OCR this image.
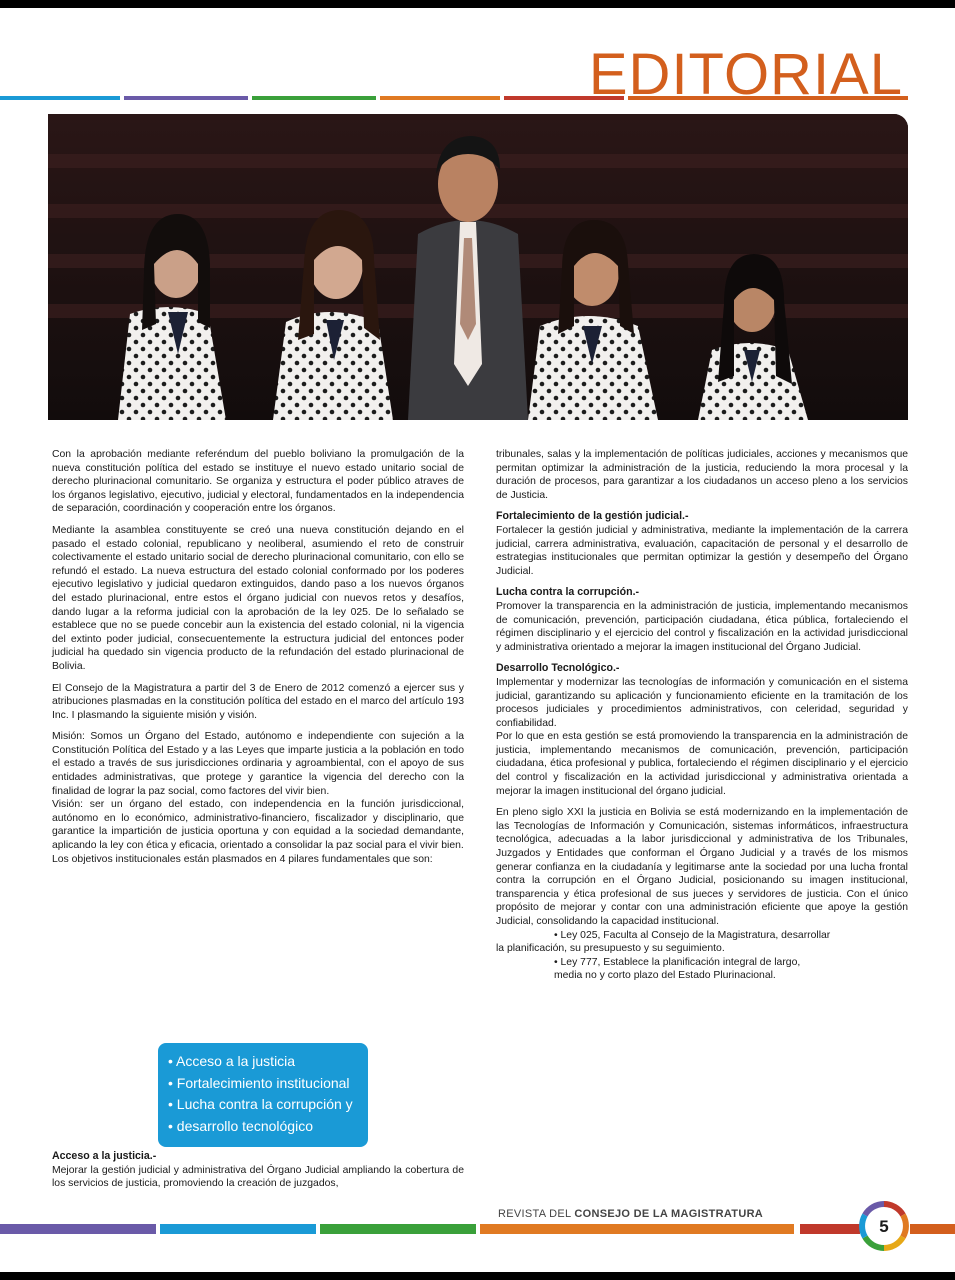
EDITORIAL

Con la aprobación mediante referéndum del pueblo boliviano la promulgación de la nueva constitución política del estado se instituye el nuevo estado unitario social de derecho plurinacional comunitario. Se organiza y estructura el poder público atraves de los órganos legislativo, ejecutivo, judicial y electoral, fundamentados en la independencia de separación, coordinación y cooperación entre los órganos.

Mediante la asamblea constituyente se creó una nueva constitución dejando en el pasado el estado colonial, republicano y neoliberal, asumiendo el reto de construir colectivamente el estado unitario social de derecho plurinacional comunitario, con ello se refundó el estado. La nueva estructura del estado colonial conformado por los poderes ejecutivo legislativo y judicial quedaron extinguidos, dando paso a los nuevos órganos del estado plurinacional, entre estos el órgano judicial con nuevos retos y desafíos, dando lugar a la reforma judicial con la aprobación de la ley 025. De lo señalado se establece que no se puede concebir aun la existencia del estado colonial, ni la vigencia del extinto poder judicial, consecuentemente la estructura judicial del entonces poder judicial ha quedado sin vigencia producto de la refundación del estado plurinacional de Bolivia.

El Consejo de la Magistratura a partir del 3 de Enero de 2012 comenzó a ejercer sus y atribuciones plasmadas en la constitución política del estado en el marco del artículo 193 Inc. I plasmando la siguiente misión y visión.

Misión: Somos un Órgano del Estado, autónomo e independiente con sujeción a la Constitución Política del Estado y a las Leyes que imparte justicia a la población en todo el estado a través de sus jurisdicciones ordinaria y agroambiental, con el apoyo de sus entidades administrativas, que protege y garantice la vigencia del derecho con la finalidad de lograr la paz social, como factores del vivir bien.

Visión: ser un órgano del estado, con independencia en la función jurisdiccional, autónomo en lo económico, administrativo-financiero, fiscalizador y disciplinario, que garantice la impartición de justicia oportuna y con equidad a la sociedad demandante, aplicando la ley con ética y eficacia, orientado a consolidar la paz social para el vivir bien.

Los objetivos institucionales están plasmados en 4 pilares fundamentales que son:

• Acceso a la justicia
• Fortalecimiento institucional
• Lucha contra la corrupción y
• desarrollo tecnológico
Acceso a la justicia.-

Mejorar la gestión judicial y administrativa del Órgano Judicial ampliando la cobertura de los servicios de justicia, promoviendo la creación de juzgados,

tribunales, salas y la implementación de políticas judiciales, acciones y mecanismos que permitan optimizar la administración de la justicia, reduciendo la mora procesal y la duración de procesos, para garantizar a los ciudadanos un acceso pleno a los servicios de Justicia.

Fortalecimiento de la gestión judicial.-

Fortalecer la gestión judicial y administrativa, mediante la implementación de la carrera judicial, carrera administrativa, evaluación, capacitación de personal y el desarrollo de estrategias institucionales que permitan optimizar la gestión y desempeño del Órgano Judicial.

Lucha contra la corrupción.-

Promover la transparencia en la administración de justicia, implementando mecanismos de comunicación, prevención, participación ciudadana, ética pública, fortaleciendo el régimen disciplinario y el ejercicio del control y fiscalización en la actividad jurisdiccional y administrativa orientado a mejorar la imagen institucional del Órgano Judicial.

Desarrollo Tecnológico.-

Implementar y modernizar las tecnologías de información y comunicación en el sistema judicial, garantizando su aplicación y funcionamiento eficiente en la tramitación de los procesos judiciales y procedimientos administrativos, con celeridad, seguridad y confiabilidad.

Por lo que en esta gestión se está promoviendo la transparencia en la administración de justicia, implementando mecanismos de comunicación, prevención, participación ciudadana, ética profesional y publica, fortaleciendo el régimen disciplinario y el ejercicio del control y fiscalización en la actividad jurisdiccional y administrativa orientada a mejorar la imagen institucional del órgano judicial.

En pleno siglo XXI la justicia en Bolivia se está modernizando en la implementación de las Tecnologías de Información y Comunicación, sistemas informáticos, infraestructura tecnológica, adecuadas a la labor jurisdiccional y administrativa de los Tribunales, Juzgados y Entidades que conforman el Órgano Judicial y a través de los mismos generar confianza en la ciudadanía y legitimarse ante la sociedad por una lucha frontal contra la corrupción en el Órgano Judicial, posicionando su imagen institucional, transparencia y ética profesional de sus jueces y servidores de justicia. Con el único propósito de mejorar y contar con una administración eficiente que apoye la gestión Judicial, consolidando la capacidad institucional.

• Ley 025, Faculta al Consejo de la Magistratura, desarrollar
la planificación, su presupuesto y su seguimiento.
• Ley 777, Establece la planificación integral de largo,
media no y corto plazo del Estado Plurinacional.
REVISTA DEL CONSEJO DE LA MAGISTRATURA
5
